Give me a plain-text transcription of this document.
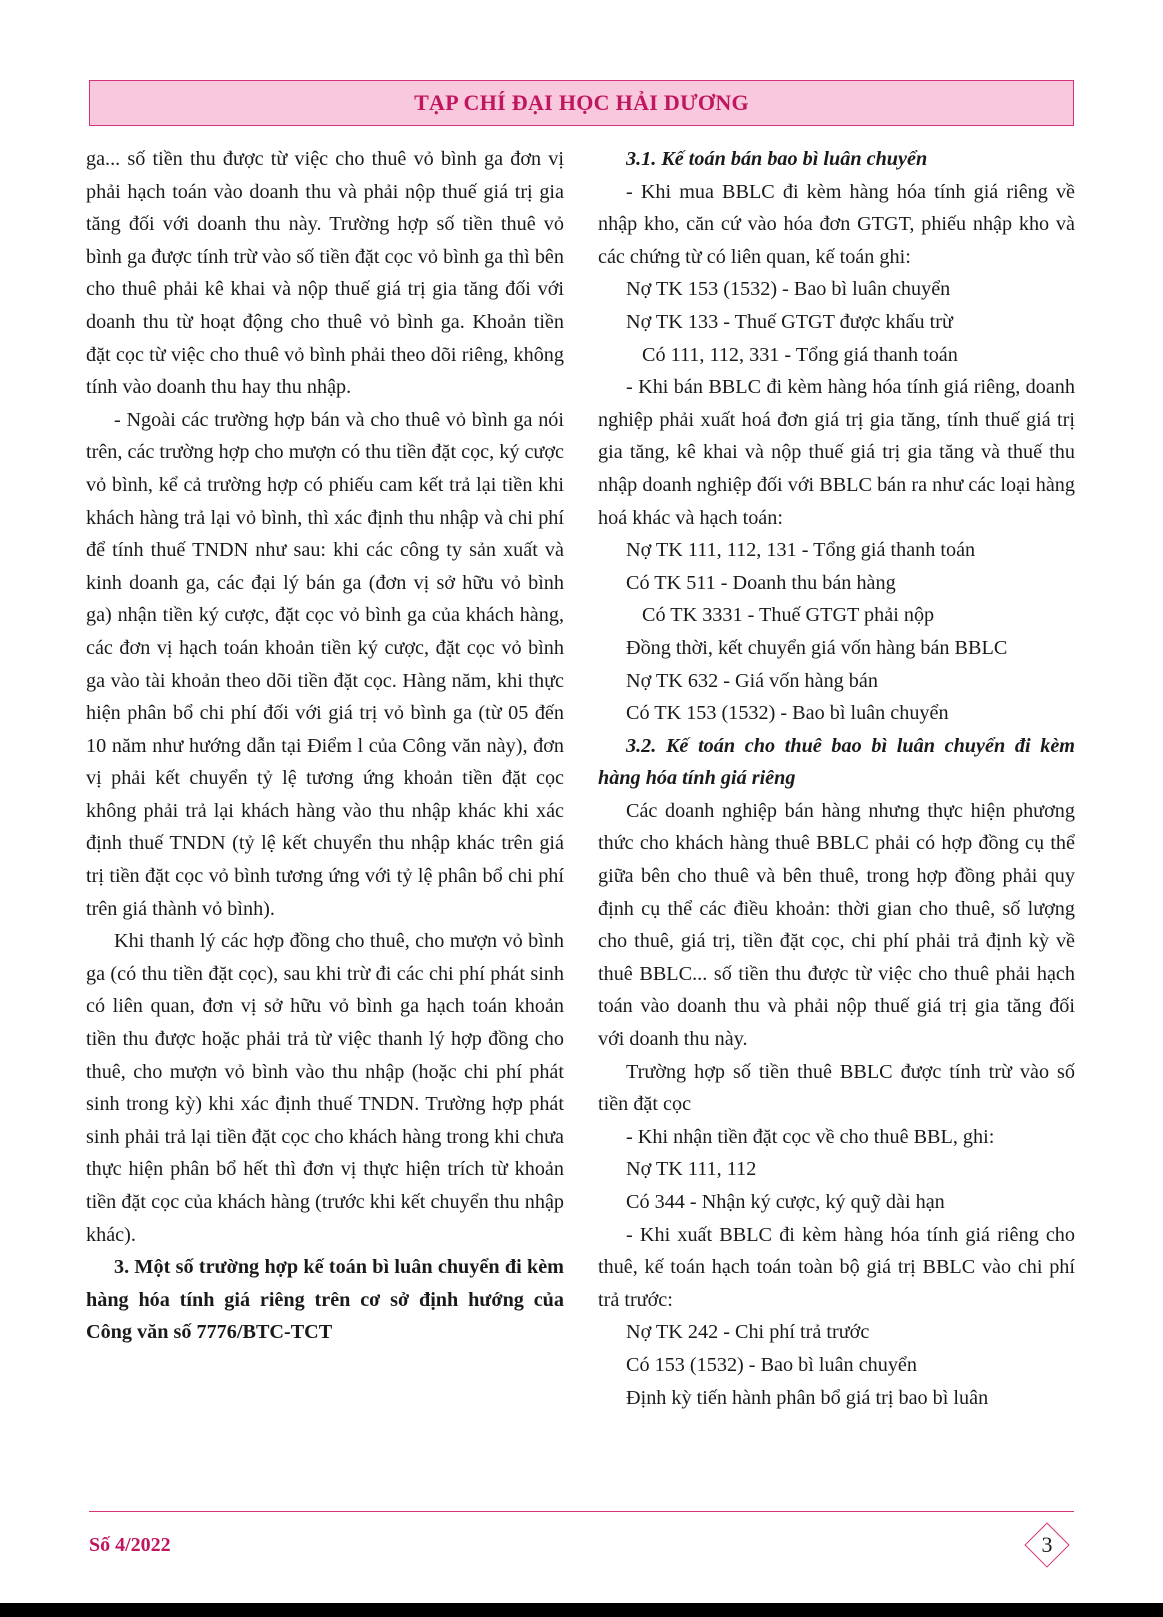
TẠP CHÍ ĐẠI HỌC HẢI DƯƠNG

ga... số tiền thu được từ việc cho thuê vỏ bình ga đơn vị phải hạch toán vào doanh thu và phải nộp thuế giá trị gia tăng đối với doanh thu này. Trường hợp số tiền thuê vỏ bình ga được tính trừ vào số tiền đặt cọc vỏ bình ga thì bên cho thuê phải kê khai và nộp thuế giá trị gia tăng đối với doanh thu từ hoạt động cho thuê vỏ bình ga. Khoản tiền đặt cọc từ việc cho thuê vỏ bình phải theo dõi riêng, không tính vào doanh thu hay thu nhập.

- Ngoài các trường hợp bán và cho thuê vỏ bình ga nói trên, các trường hợp cho mượn có thu tiền đặt cọc, ký cược vỏ bình, kể cả trường hợp có phiếu cam kết trả lại tiền khi khách hàng trả lại vỏ bình, thì xác định thu nhập và chi phí để tính thuế TNDN như sau: khi các công ty sản xuất và kinh doanh ga, các đại lý bán ga (đơn vị sở hữu vỏ bình ga) nhận tiền ký cược, đặt cọc vỏ bình ga của khách hàng, các đơn vị hạch toán khoản tiền ký cược, đặt cọc vỏ bình ga vào tài khoản theo dõi tiền đặt cọc. Hàng năm, khi thực hiện phân bổ chi phí đối với giá trị vỏ bình ga (từ 05 đến 10 năm như hướng dẫn tại Điểm l của Công văn này), đơn vị phải kết chuyển tỷ lệ tương ứng khoản tiền đặt cọc không phải trả lại khách hàng vào thu nhập khác khi xác định thuế TNDN (tỷ lệ kết chuyển thu nhập khác trên giá trị tiền đặt cọc vỏ bình tương ứng với tỷ lệ phân bổ chi phí trên giá thành vỏ bình).

Khi thanh lý các hợp đồng cho thuê, cho mượn vỏ bình ga (có thu tiền đặt cọc), sau khi trừ đi các chi phí phát sinh có liên quan, đơn vị sở hữu vỏ bình ga hạch toán khoản tiền thu được hoặc phải trả từ việc thanh lý hợp đồng cho thuê, cho mượn vỏ bình vào thu nhập (hoặc chi phí phát sinh trong kỳ) khi xác định thuế TNDN. Trường hợp phát sinh phải trả lại tiền đặt cọc cho khách hàng trong khi chưa thực hiện phân bổ hết thì đơn vị thực hiện trích từ khoản tiền đặt cọc của khách hàng (trước khi kết chuyển thu nhập khác).

3. Một số trường hợp kế toán bì luân chuyển đi kèm hàng hóa tính giá riêng trên cơ sở định hướng của Công văn số 7776/BTC-TCT

3.1. Kế toán bán bao bì luân chuyển

- Khi mua BBLC đi kèm hàng hóa tính giá riêng về nhập kho, căn cứ vào hóa đơn GTGT, phiếu nhập kho và các chứng từ có liên quan, kế toán ghi:

Nợ TK 153 (1532) - Bao bì luân chuyển

Nợ TK 133 - Thuế GTGT được khấu trừ

Có 111, 112, 331 - Tổng giá thanh toán

- Khi bán BBLC đi kèm hàng hóa tính giá riêng, doanh nghiệp phải xuất hoá đơn giá trị gia tăng, tính thuế giá trị gia tăng, kê khai và nộp thuế giá trị gia tăng và thuế thu nhập doanh nghiệp đối với BBLC bán ra như các loại hàng hoá khác và hạch toán:

Nợ TK 111, 112, 131 - Tổng giá thanh toán

Có TK 511 - Doanh thu bán hàng

Có TK 3331 - Thuế GTGT phải nộp

Đồng thời, kết chuyển giá vốn hàng bán BBLC

Nợ TK 632 - Giá vốn hàng bán

Có TK 153 (1532) - Bao bì luân chuyển

3.2. Kế toán cho thuê bao bì luân chuyển đi kèm hàng hóa tính giá riêng

Các doanh nghiệp bán hàng nhưng thực hiện phương thức cho khách hàng thuê BBLC phải có hợp đồng cụ thể giữa bên cho thuê và bên thuê, trong hợp đồng phải quy định cụ thể các điều khoản: thời gian cho thuê, số lượng cho thuê, giá trị, tiền đặt cọc, chi phí phải trả định kỳ về thuê BBLC... số tiền thu được từ việc cho thuê phải hạch toán vào doanh thu và phải nộp thuế giá trị gia tăng đối với doanh thu này.

Trường hợp số tiền thuê BBLC được tính trừ vào số tiền đặt cọc

- Khi nhận tiền đặt cọc về cho thuê BBL, ghi:

Nợ TK 111, 112

Có 344 - Nhận ký cược, ký quỹ dài hạn

- Khi xuất BBLC đi kèm hàng hóa tính giá riêng cho thuê, kế toán hạch toán toàn bộ giá trị BBLC vào chi phí trả trước:

Nợ TK 242 - Chi phí trả trước

Có 153 (1532) - Bao bì luân chuyển

Định kỳ tiến hành phân bổ giá trị bao bì luân

Số 4/2022	3
